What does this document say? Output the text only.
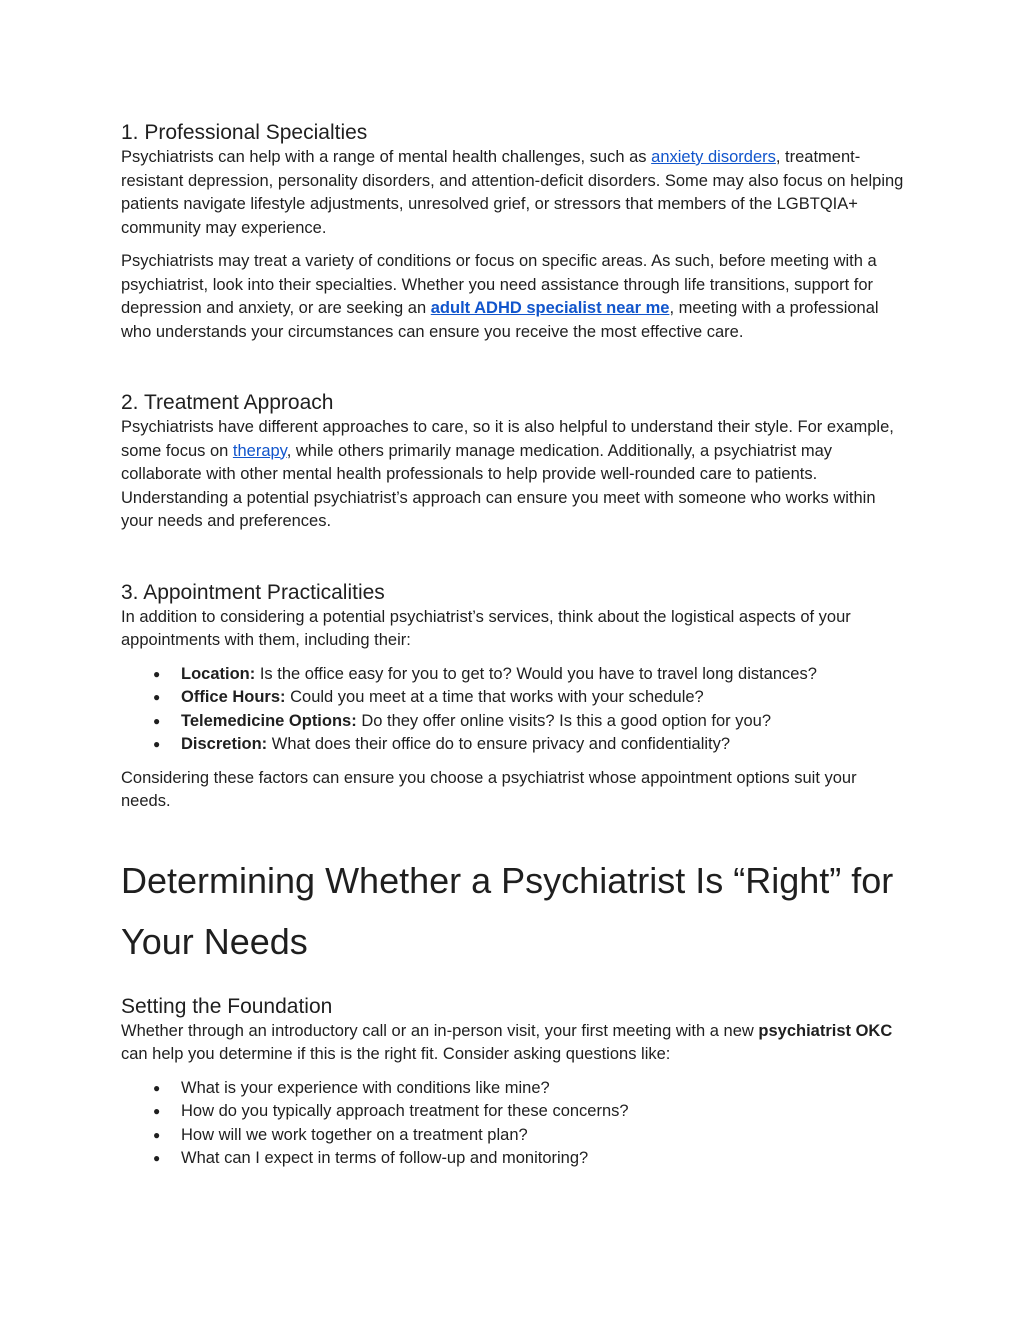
1. Professional Specialties

Psychiatrists can help with a range of mental health challenges, such as anxiety disorders, treatment-resistant depression, personality disorders, and attention-deficit disorders. Some may also focus on helping patients navigate lifestyle adjustments, unresolved grief, or stressors that members of the LGBTQIA+ community may experience.

Psychiatrists may treat a variety of conditions or focus on specific areas. As such, before meeting with a psychiatrist, look into their specialties. Whether you need assistance through life transitions, support for depression and anxiety, or are seeking an adult ADHD specialist near me, meeting with a professional who understands your circumstances can ensure you receive the most effective care.

2. Treatment Approach

Psychiatrists have different approaches to care, so it is also helpful to understand their style. For example, some focus on therapy, while others primarily manage medication. Additionally, a psychiatrist may collaborate with other mental health professionals to help provide well-rounded care to patients. Understanding a potential psychiatrist’s approach can ensure you meet with someone who works within your needs and preferences.

3. Appointment Practicalities

In addition to considering a potential psychiatrist’s services, think about the logistical aspects of your appointments with them, including their:

● Location: Is the office easy for you to get to? Would you have to travel long distances?
● Office Hours: Could you meet at a time that works with your schedule?
● Telemedicine Options: Do they offer online visits? Is this a good option for you?
● Discretion: What does their office do to ensure privacy and confidentiality?

Considering these factors can ensure you choose a psychiatrist whose appointment options suit your needs.

Determining Whether a Psychiatrist Is “Right” for Your Needs
Setting the Foundation

Whether through an introductory call or an in-person visit, your first meeting with a new psychiatrist OKC can help you determine if this is the right fit. Consider asking questions like:

● What is your experience with conditions like mine?
● How do you typically approach treatment for these concerns?
● How will we work together on a treatment plan?
● What can I expect in terms of follow-up and monitoring?
